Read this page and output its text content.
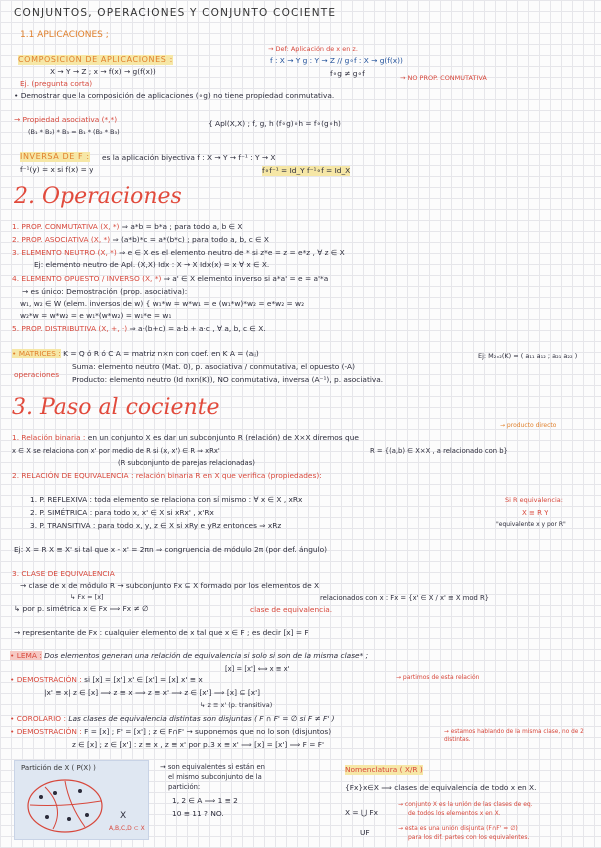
CONJUNTOS, OPERACIONES Y CONJUNTO COCIENTE
1.1 APLICACIONES ;
→ Def: Aplicación de x en z.
COMPOSICIÓN DE APLICACIONES :	f : X → Y g : Y → Z // g∘f : X → g(f(x))
X → Y → Z ; x → f(x) → g(f(x))	f∘g ≠ g∘f	→ NO PROP. CONMUTATIVA
Ej. (pregunta corta)
• Demostrar que la composición de aplicaciones (∘g) no tiene propiedad conmutativa.
→ Propiedad asociativa (*,*)
(B₁ * B₂) * B₃ = B₁ * (B₂ * B₃)
{ Apl(X,X) ; f, g, h (f∘g)∘h = f∘(g∘h)
INVERSA DE F : es la aplicación biyectiva f : X → Y → f⁻¹ : Y → X
f⁻¹(y) = x si f(x) = y	f∘f⁻¹ = Id_Y f⁻¹∘f = Id_X
2. Operaciones
1. PROP. CONMUTATIVA (X, *) ⇒ a*b = b*a ; para todo a, b ∈ X
2. PROP. ASOCIATIVA (X, *) ⇒ (a*b)*c = a*(b*c) ; para todo a, b, c ∈ X
3. ELEMENTO NEUTRO (X, *) ⇒ e ∈ X es el elemento neutro de * si z*e = z = e*z , ∀ z ∈ X
Ej: elemento neutro de Apl. (X,X) Idx : X → X Idx(x) = x ∀ x ∈ X.
4. ELEMENTO OPUESTO / INVERSO (X, *) ⇒ a' ∈ X elemento inverso si a*a' = e = a'*a
→ es único: Demostración (prop. asociativa):
w₁, w₂ ∈ W (elem. inversos de w) { w₁*w = w*w₁ = e (w₁*w)*w₂ = e*w₂ = w₂
w₂*w = w*w₂ = e w₁*(w*w₂) = w₁*e = w₁
5. PROP. DISTRIBUTIVA (X, +, ·) ⇒ a·(b+c) = a·b + a·c , ∀ a, b, c ∈ X.
• MATRICES : K = Q ó R ó C A = matriz n×n con coef. en K A = (aᵢⱼ)	Ej: M₂ₓ₂(K) = ( a₁₁ a₁₂ ; a₂₁ a₂₂ )
operaciones
Suma: elemento neutro (Mat. 0), p. asociativa / conmutativa, el opuesto (-A)
Producto: elemento neutro (Id nxn(K)), NO conmutativa, inversa (A⁻¹), p. asociativa.
3. Paso al cociente
→ producto directo
1. Relación binaria : en un conjunto X es dar un subconjunto R (relación) de X×X diremos que
x ∈ X se relaciona con x' por medio de R si (x, x') ∈ R ⇒ xRx'	R = {(a,b) ∈ X×X , a relacionado con b}
(R subconjunto de parejas relacionadas)
2. RELACIÓN DE EQUIVALENCIA : relación binaria R en X que verifica (propiedades):
1. P. REFLEXIVA : toda elemento se relaciona con sí mismo : ∀ x ∈ X , xRx
2. P. SIMÉTRICA : para todo x, x' ∈ X si xRx' , x'Rx
3. P. TRANSITIVA : para todo x, y, z ∈ X si xRy e yRz entonces ⇒ xRz
Si R equivalencia:
X ≡ R Y
"equivalente x y por R"
Ej: X = R X ≡ X' si tal que x - x' = 2πn ⇒ congruencia de módulo 2π (por def. ángulo)
3. CLASE DE EQUIVALENCIA
→ clase de x de módulo R → subconjunto Fx ⊆ X formado por los elementos de X
↳ Fx = [x]	relacionados con x : Fx = {x' ∈ X / x' ≡ X mod R}
↳ por p. simétrica x ∈ Fx ⟹ Fx ≠ ∅	clase de equivalencia.
→ representante de Fx : cualquier elemento de x tal que x ∈ F ; es decir [x] = F
• LEMA : Dos elementos generan una relación de equivalencia si solo si son de la misma clase* ;
[x] = [x'] ⟺ x ≡ x'
• DEMOSTRACIÓN : si [x] = [x'] x' ∈ [x'] = [x] x' ≡ x	→ partimos de esta relación
|x' ≡ x| z ∈ [x] ⟹ z ≡ x ⟹ z ≡ x' ⟹ z ∈ [x'] ⟹ [x] ⊆ [x']
↳ z ≡ x' (p. transitiva)
• COROLARIO : Las clases de equivalencia distintas son disjuntas ( F ∩ F' = ∅ si F ≠ F' )
• DEMOSTRACIÓN : F = [x] ; F' = [x'] ; z ∈ F∩F' → suponemos que no lo son (disjuntos)	→ estamos hablando de la misma clase, no de 2 distintas.
z ∈ [x] ; z ∈ [x'] : z ≡ x , z ≡ x' por p.3 x ≡ x' ⟹ [x] = [x'] ⟹ F = F'
Partición de X ( P(X) )
X
A,B,C,D ⊂ X
→ son equivalentes si están en
el mismo subconjunto de la
partición:
1, 2 ∈ A ⟹ 1 ≡ 2
10 ≡ 11 ? NO.
Nomenclatura ( X/R )
{Fx}x∈X ⟹ clases de equivalencia de todo x en X.
X = ⋃ Fx
→ conjunto X es la unión de las clases de eq.
de todos los elementos x en X.
UF	→ esta es una unión disjunta (F∩F' = ∅)
para los dif. partes con los equivalentes.
